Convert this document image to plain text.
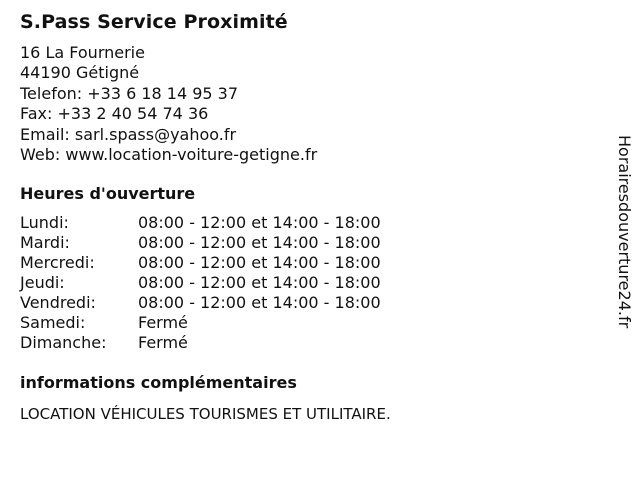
S.Pass Service Proximité
16 La Fournerie
44190 Gétigné
Telefon: +33 6 18 14 95 37
Fax: +33 2 40 54 74 36
Email: sarl.spass@yahoo.fr
Web: www.location-voiture-getigne.fr
Heures d'ouverture
Lundi:	08:00 - 12:00 et 14:00 - 18:00
Mardi:	08:00 - 12:00 et 14:00 - 18:00
Mercredi:	08:00 - 12:00 et 14:00 - 18:00
Jeudi:	08:00 - 12:00 et 14:00 - 18:00
Vendredi:	08:00 - 12:00 et 14:00 - 18:00
Samedi:	Fermé
Dimanche:	Fermé
informations complémentaires
LOCATION VÉHICULES TOURISMES ET UTILITAIRE.
Horairesdouverture24.fr
